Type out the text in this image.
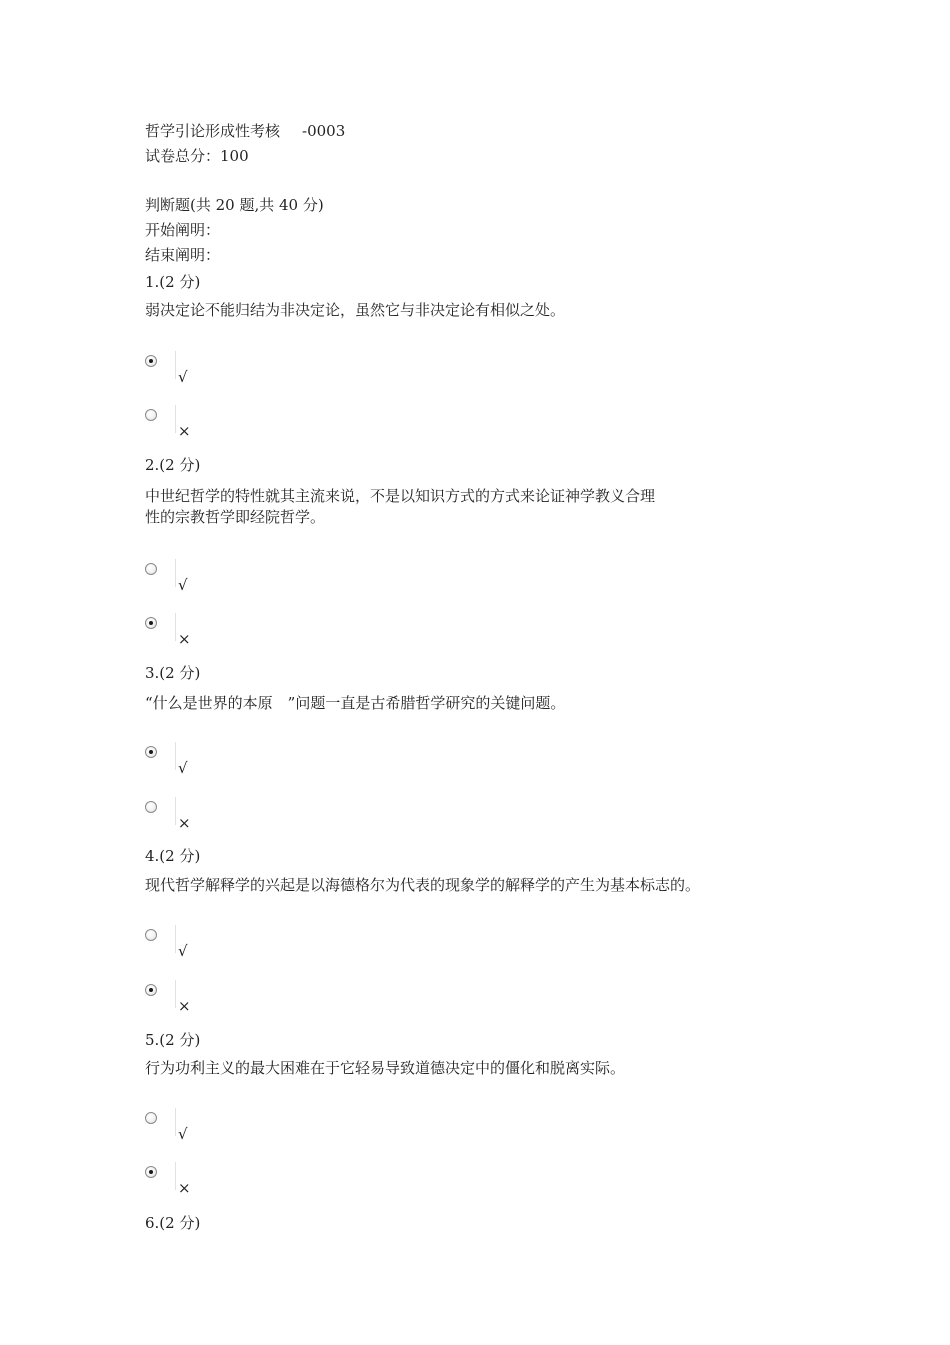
哲学引论形成性考核 -0003
试卷总分：100
判断题(共 20 题,共 40 分)
开始阐明：
结束阐明：
1.(2 分)
弱决定论不能归结为非决定论，虽然它与非决定论有相似之处。
√
×
2.(2 分)
中世纪哲学的特性就其主流来说，不是以知识方式的方式来论证神学教义合理
性的宗教哲学即经院哲学。
√
×
3.(2 分)
“什么是世界的本原　”问题一直是古希腊哲学研究的关键问题。
√
×
4.(2 分)
现代哲学解释学的兴起是以海德格尔为代表的现象学的解释学的产生为基本标志的。
√
×
5.(2 分)
行为功利主义的最大困难在于它轻易导致道德决定中的僵化和脱离实际。
√
×
6.(2 分)
